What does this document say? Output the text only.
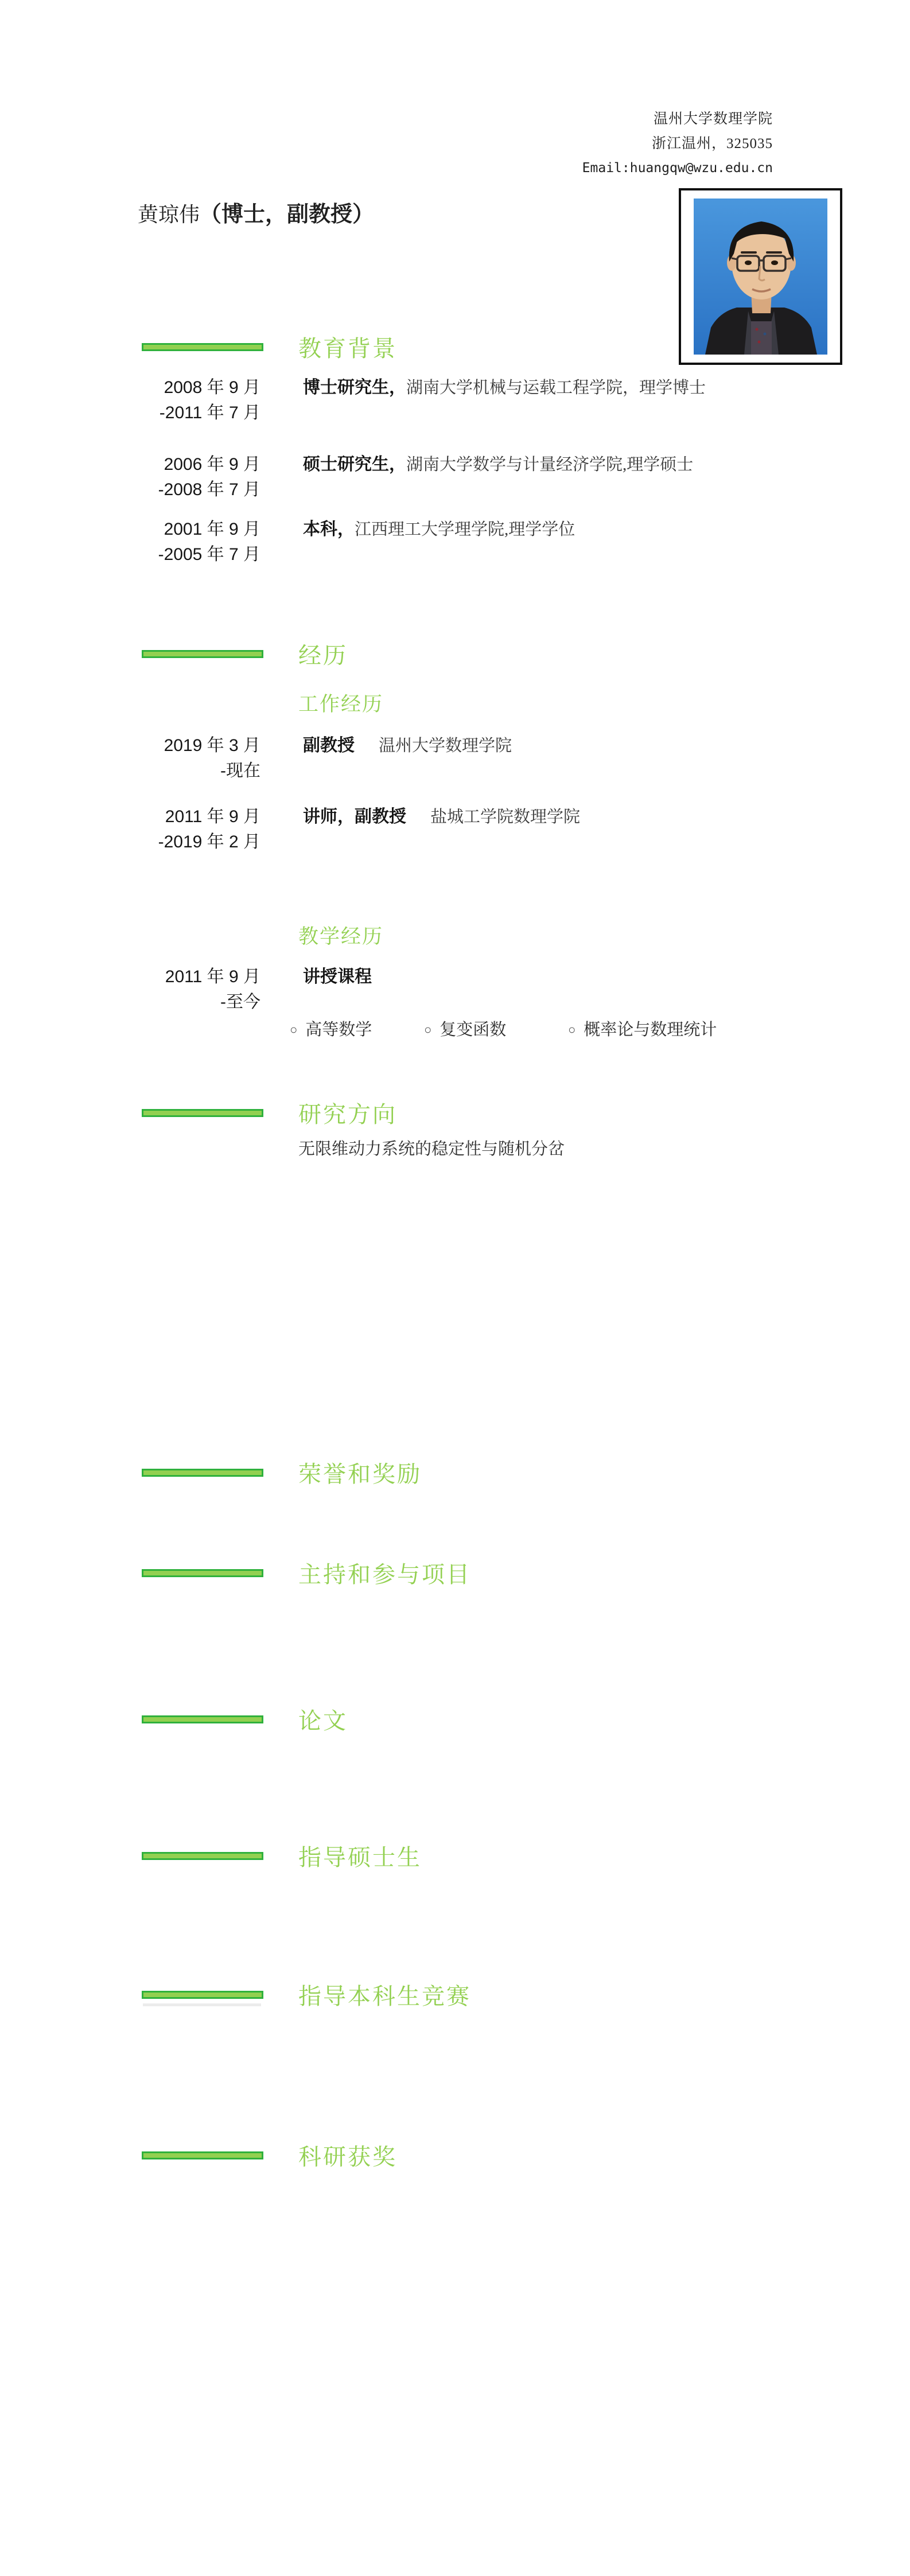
温州大学数理学院
浙江温州，325035
Email:huangqw@wzu.edu.cn
黄琼伟（博士，副教授）
教育背景
2008 年 9 月
-2011 年 7 月
博士研究生，湖南大学机械与运载工程学院，理学博士
2006 年 9 月
-2008 年 7 月
硕士研究生，湖南大学数学与计量经济学院,理学硕士
2001 年 9 月
-2005 年 7 月
本科，江西理工大学理学院,理学学位
经历
工作经历
2019 年 3 月
-现在
副教授 温州大学数理学院
2011 年 9 月
-2019 年 2 月
讲师，副教授 盐城工学院数理学院
教学经历
2011 年 9 月
-至今
讲授课程
○ 高等数学	○ 复变函数	○ 概率论与数理统计
研究方向
无限维动力系统的稳定性与随机分岔
荣誉和奖励
主持和参与项目
论文
指导硕士生
指导本科生竞赛
科研获奖
